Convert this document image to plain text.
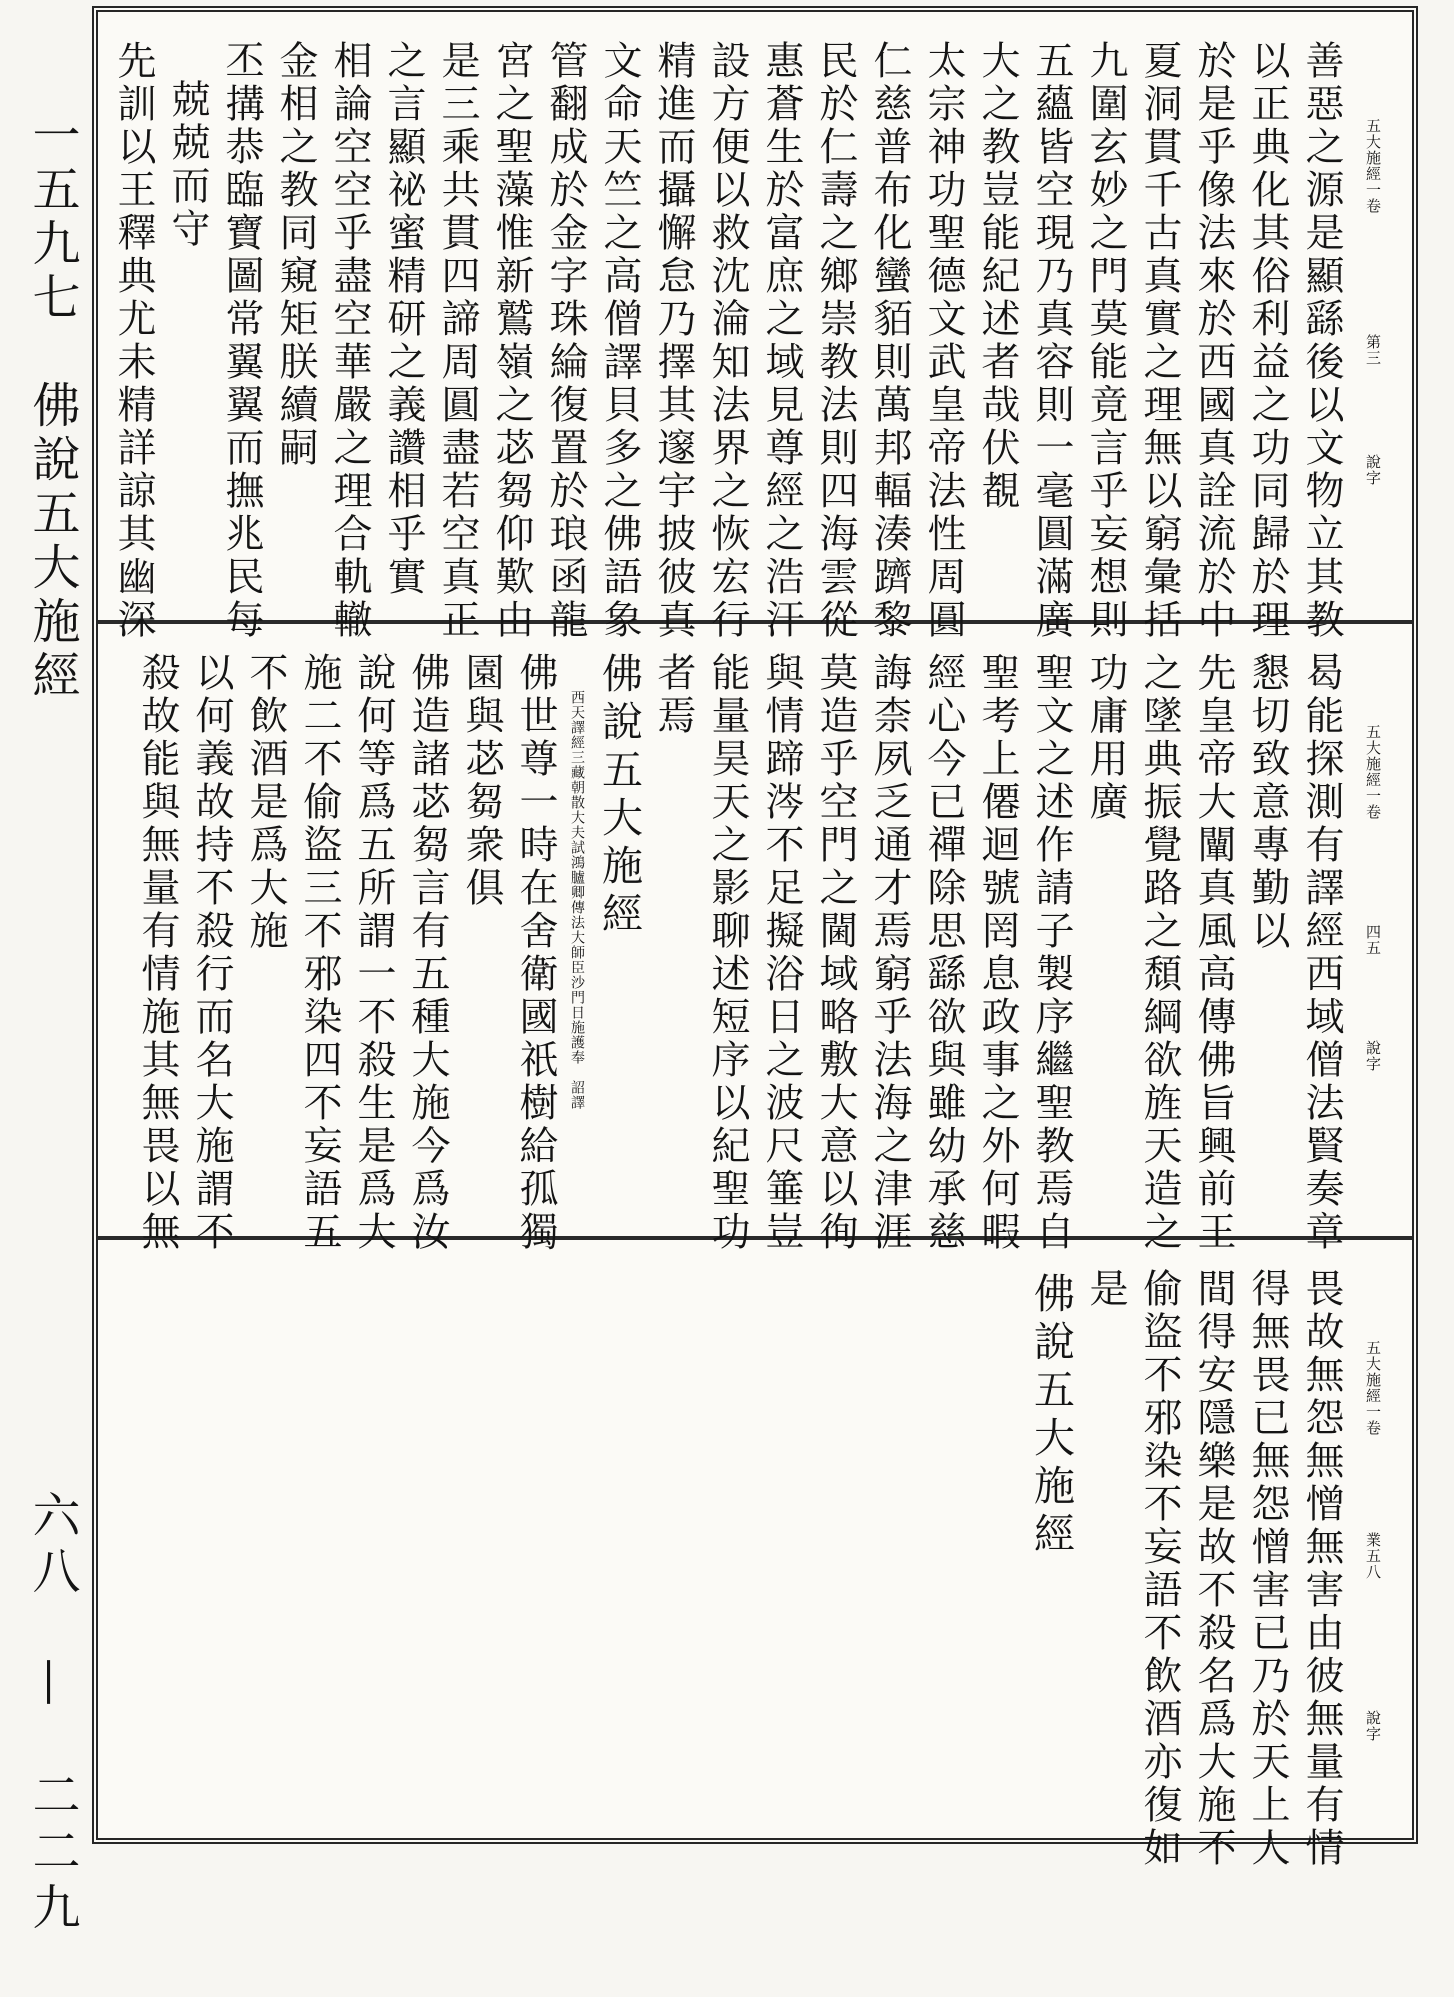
一五九七　佛說五大施經
六八　—　二二九
五大施經一卷
第三
說字
善惡之源是顯繇後以文物立其教
以正典化其俗利益之功同歸於理
於是乎像法來於西國真詮流於中
夏洞貫千古真實之理無以窮彙括
九圍玄妙之門莫能竟言乎妄想則
五蘊皆空現乃真容則一毫圓滿廣
大之教豈能紀述者哉伏覩
太宗神功聖德文武皇帝法性周圓
仁慈普布化蠻貊則萬邦輻湊躋黎
民於仁壽之鄉崇教法則四海雲從
惠蒼生於富庶之域見尊經之浩汗
設方便以救沈淪知法界之恢宏行
精進而攝懈怠乃擇其邃宇披彼真
文命天竺之高僧譯貝多之佛語象
管翻成於金字珠綸復置於琅函龍
宮之聖藻惟新鷲嶺之苾芻仰歎由
是三乘共貫四諦周圓盡若空真正
之言顯祕蜜精研之義讚相乎實
相論空空乎盡空華嚴之理合軌轍
金相之教同窺矩朕續嗣
丕搆恭臨寶圖常翼翼而撫兆民每
兢兢而守
先訓以王釋典尤未精詳諒其幽深
五大施經一卷
四五
說字
曷能探測有譯經西域僧法賢奏章
懇切致意專勤以
先皇帝大闡真風高傳佛旨興前王
之墜典振覺路之頹綱欲旌天造之
功庸用廣
聖文之述作請子製序繼聖教焉自
聖考上僊迴號罔息政事之外何暇
經心今已禪除思繇欲與雖幼承慈
誨柰夙乏通才焉窮乎法海之津涯
莫造乎空門之閫域略敷大意以徇
與情蹄涔不足擬浴日之波尺箠豈
能量昊天之影聊述短序以紀聖功
者焉
佛說五大施經
西天譯經三藏朝散大夫試鴻臚卿傳法大師臣沙門日施護奉　詔譯
佛世尊一時在舍衛國祇樹給孤獨
園與苾芻衆俱
佛造諸苾芻言有五種大施今爲汝
說何等爲五所謂一不殺生是爲大
施二不偷盜三不邪染四不妄語五
不飲酒是爲大施
以何義故持不殺行而名大施謂不
殺故能與無量有情施其無畏以無
五大施經一卷
業五八
說字
畏故無怨無憎無害由彼無量有情
得無畏已無怨憎害已乃於天上人
間得安隱樂是故不殺名爲大施不
偷盜不邪染不妄語不飲酒亦復如
是
佛說五大施經
